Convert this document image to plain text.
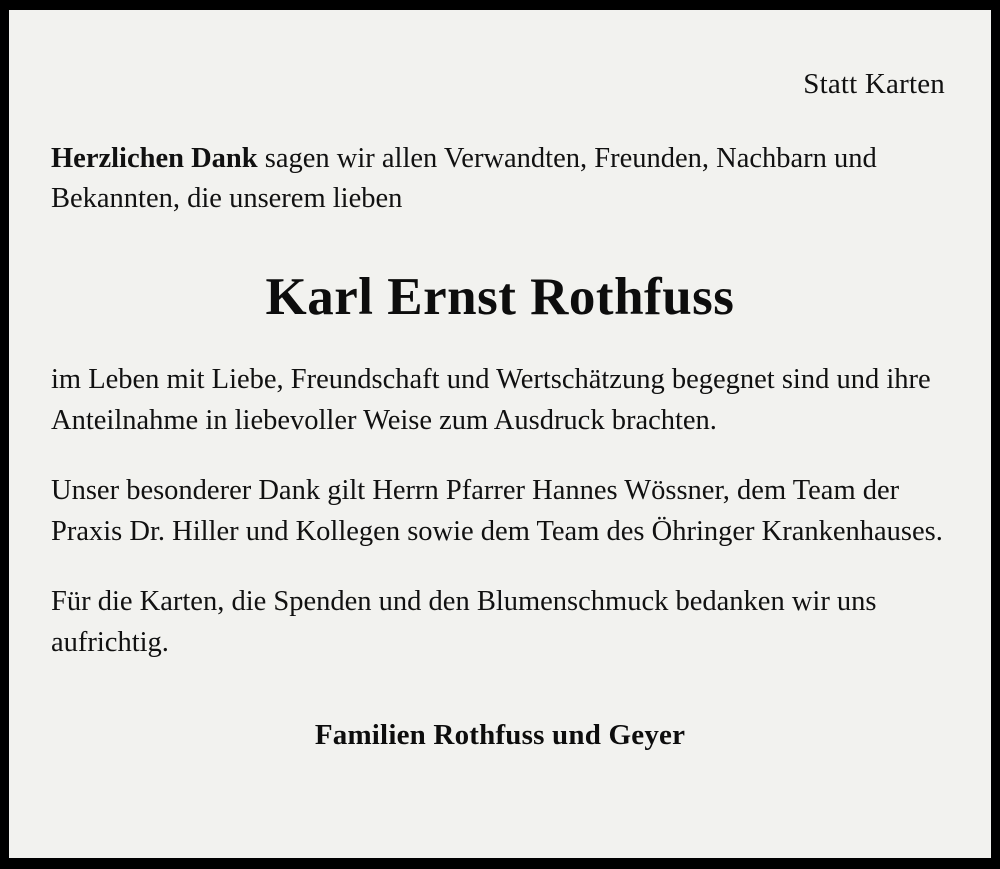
Statt Karten

Herzlichen Dank sagen wir allen Verwandten, Freunden, Nachbarn und Bekannten, die unserem lieben

Karl Ernst Rothfuss

im Leben mit Liebe, Freundschaft und Wertschätzung begegnet sind und ihre Anteilnahme in liebevoller Weise zum Ausdruck brachten.

Unser besonderer Dank gilt Herrn Pfarrer Hannes Wössner, dem Team der Praxis Dr. Hiller und Kollegen sowie dem Team des Öhringer Krankenhauses.

Für die Karten, die Spenden und den Blumenschmuck bedanken wir uns aufrichtig.

Familien Rothfuss und Geyer
